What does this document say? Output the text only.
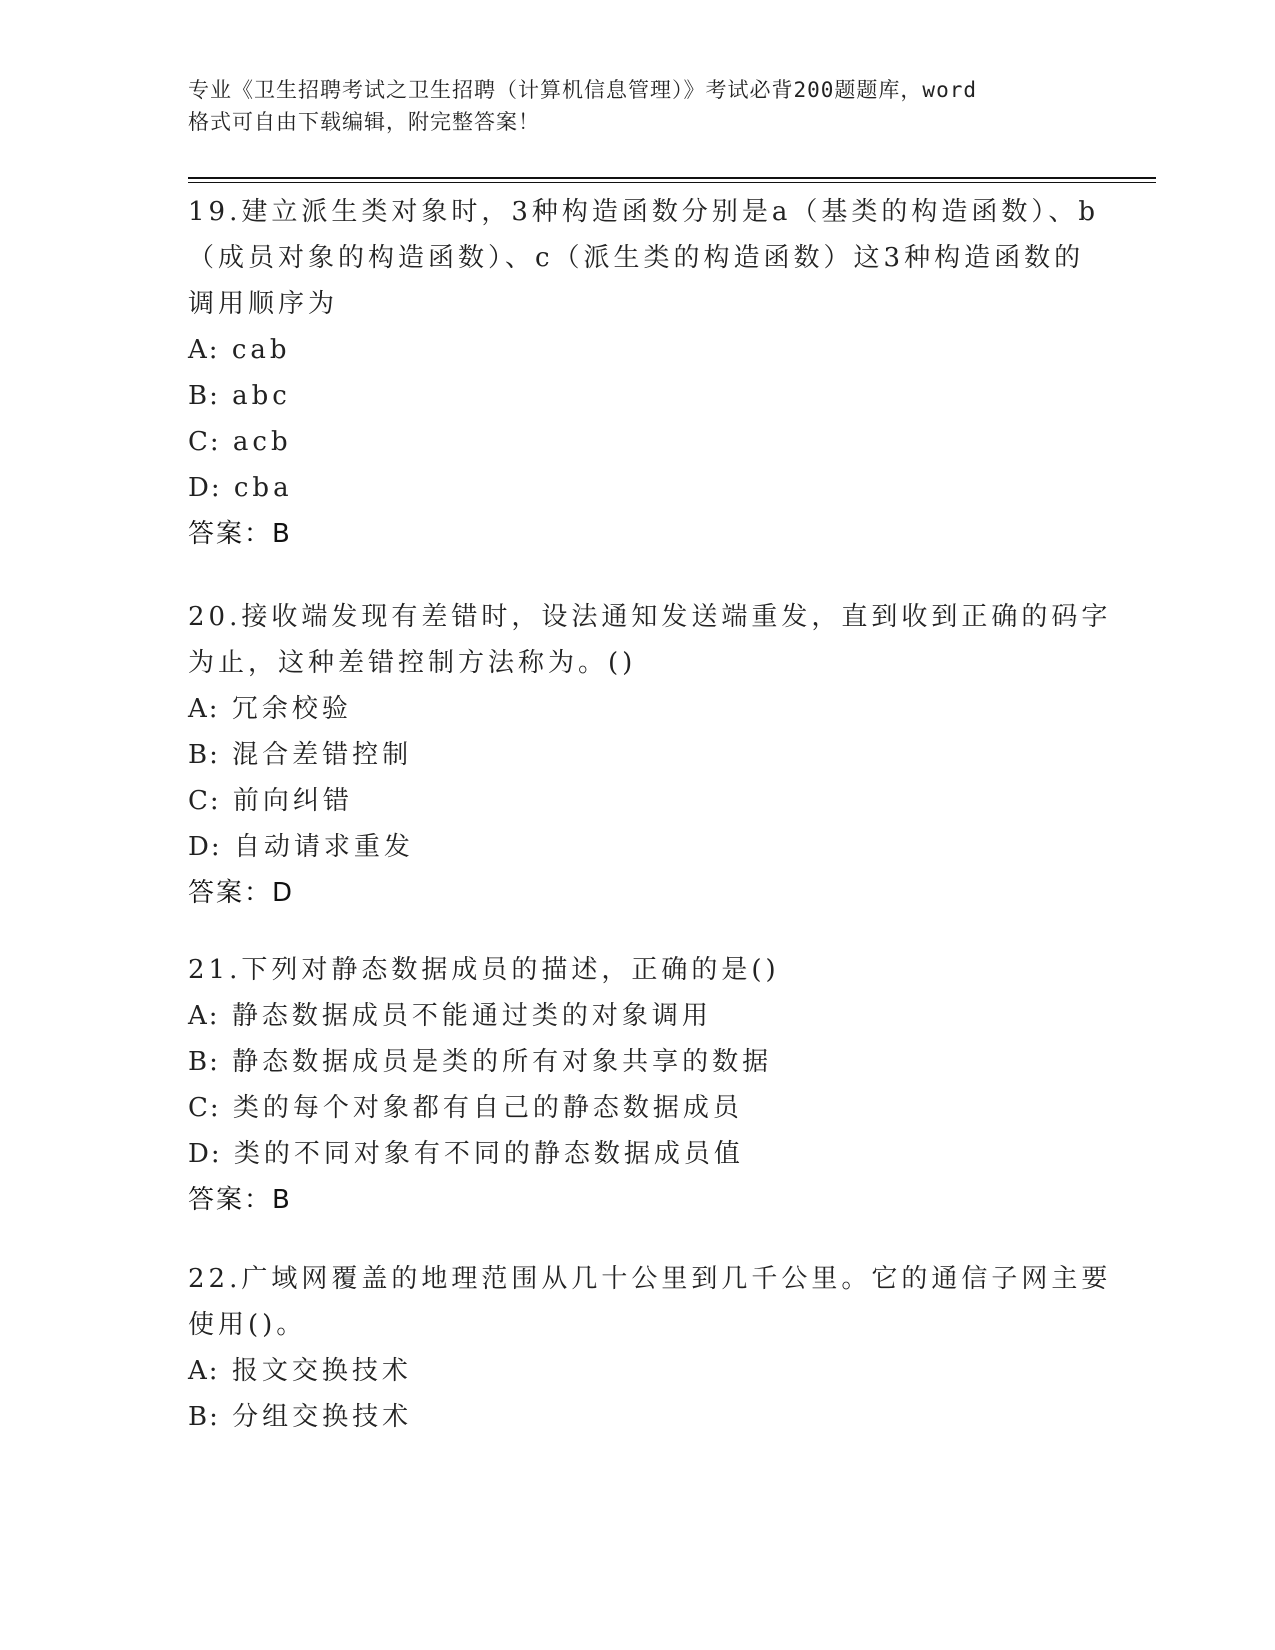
专业《卫生招聘考试之卫生招聘（计算机信息管理）》考试必背200题题库，word
格式可自由下载编辑，附完整答案！
19.建立派生类对象时，3种构造函数分别是a（基类的构造函数）、b
（成员对象的构造函数）、c（派生类的构造函数）这3种构造函数的
调用顺序为
A: cab
B: abc
C: acb
D: cba
答案：B
20.接收端发现有差错时，设法通知发送端重发，直到收到正确的码字
为止，这种差错控制方法称为。()
A: 冗余校验
B: 混合差错控制
C: 前向纠错
D: 自动请求重发
答案：D
21.下列对静态数据成员的描述，正确的是()
A: 静态数据成员不能通过类的对象调用
B: 静态数据成员是类的所有对象共享的数据
C: 类的每个对象都有自己的静态数据成员
D: 类的不同对象有不同的静态数据成员值
答案：B
22.广域网覆盖的地理范围从几十公里到几千公里。它的通信子网主要
使用()。
A: 报文交换技术
B: 分组交换技术
